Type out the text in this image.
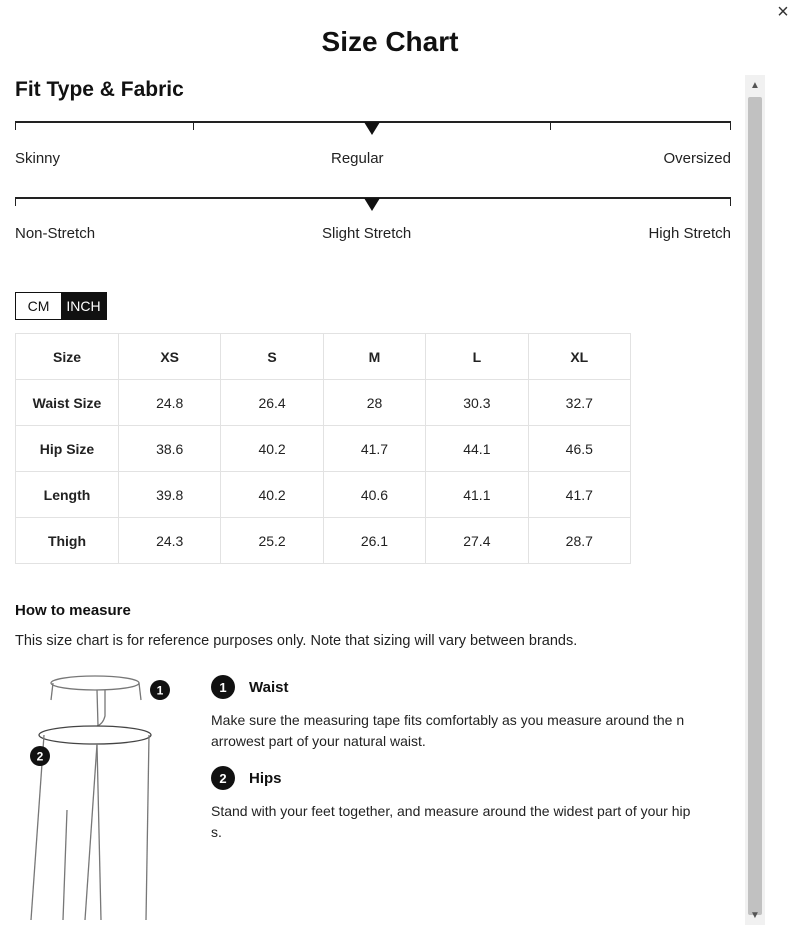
×
Size Chart
Fit Type & Fabric
Skinny	Regular	Oversized
Non-Stretch	Slight Stretch	High Stretch
CM	INCH
Size	XS	S	M	L	XL
Waist Size	24.8	26.4	28	30.3	32.7
Hip Size	38.6	40.2	41.7	44.1	46.5
Length	39.8	40.2	40.6	41.1	41.7
Thigh	24.3	25.2	26.1	27.4	28.7
How to measure

This size chart is for reference purposes only. Note that sizing will vary between brands.

1
2
1	Waist

Make sure the measuring tape fits comfortably as you measure around the narrowest part of your natural waist.

2	Hips

Stand with your feet together, and measure around the widest part of your hips.

▲
▼
